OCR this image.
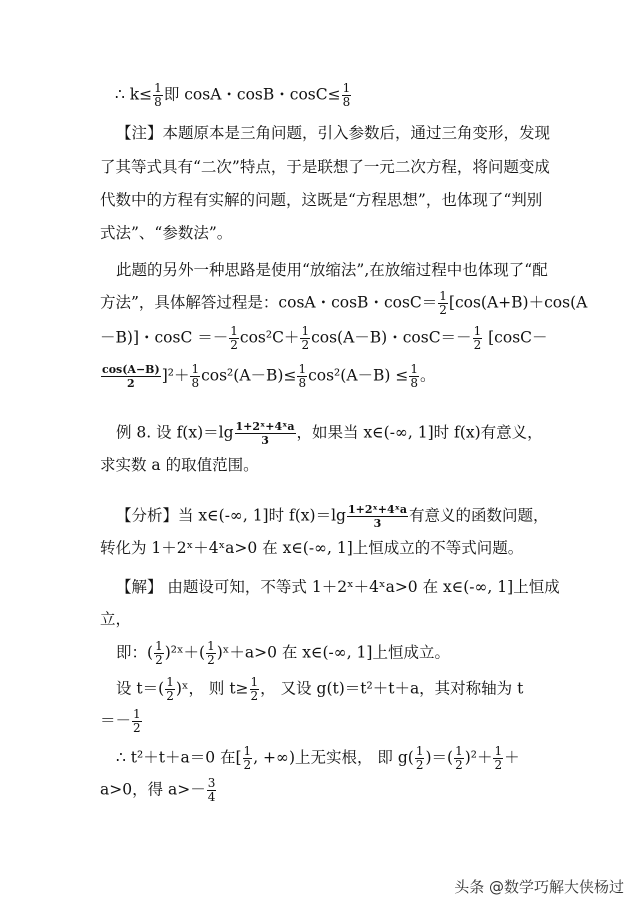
∴ $k\le \frac{1}{8}$ 即 cosA・cosB・$\cos C\le \frac{1}{8}$
【注】本题原本是三角问题，引入参数后，通过三角变形，发现
了其等式具有“二次”特点，于是联想了一元二次方程，将问题变成
代数中的方程有实解的问题，这既是“方程思想”，也体现了“判别
式法”、“参数法”。
此题的另外一种思路是使用“放缩法”,在放缩过程中也体现了“配
方法”，具体解答过程是：cosA・cosB・$\cos C= \frac{1}{2} [\cos(A+B)+\cos(A$
－B)]・$\cos C =- \frac{1}{2} \cos^2C+ \frac{1}{2} \cos(A-B)$・$\cos C=- \frac{1}{2} [\cos C-$
$\frac{\cos(A-B)}{2} ]^2+ \frac{1}{8} \cos^2(A-B)\le \frac{1}{8} \cos^2(A-B) \le \frac{1}{8}$ 。
例 8. 设 $f(x)=\lg \frac{\text{1+2ˣ+4ˣa}}{3}$ ，如果当 x∈(-∞, 1]时 f(x)有意义，
求实数 a 的取值范围。
【分析】当 x∈(-∞, 1]时 $f(x)=\lg \frac{\text{1+2ˣ+4ˣa}}{3}$ 有意义的函数问题，
转化为 1＋2ˣ＋4ˣa>0 在 x∈(-∞, 1]上恒成立的不等式问题。
【解】 由题设可知，不等式 1＋2ˣ＋4ˣa>0 在 x∈(-∞, 1]上恒成
立，
即：( $\frac{1}{2}$ )²ˣ＋( $\frac{1}{2}$ )ˣ＋a>0 在 x∈(-∞, 1]上恒成立。
设 $t=( \frac{1}{2}$ )ˣ， 则 $t\ge \frac{1}{2}$ ， 又设 g(t)＝t²＋t＋a，其对称轴为 t
＝－ $\frac{1}{2}$
∴ t²＋t＋a＝0 在[ $\frac{1}{2}$ , +∞)上无实根， 即 $g( \frac{1}{2}$ )＝( $\frac{1}{2} )^2+ \frac{1}{2}$ ＋
a>0，得 $a>- \frac{3}{4}$
头条 @数学巧解大侠杨过
